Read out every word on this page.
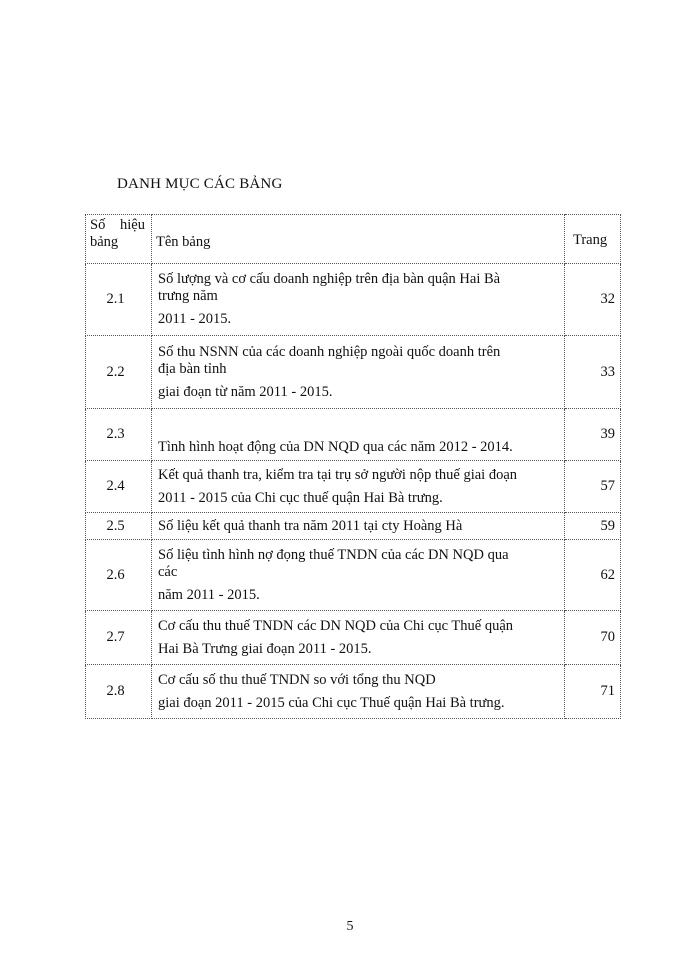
DANH MỤC CÁC BẢNG
Số hiệu
bảng	Tên bảng	Trang
2.1	Số lượng và cơ cấu doanh nghiệp trên địa bàn quận Hai Bà
trưng năm
2011 - 2015.	32
2.2	Số thu NSNN của các doanh nghiệp ngoài quốc doanh trên
địa bàn tỉnh
giai đoạn từ năm 2011 - 2015.	33
2.3	Tình hình hoạt động của DN NQD qua các năm 2012 - 2014.	39
2.4	Kết quả thanh tra, kiểm tra tại trụ sở người nộp thuế giai đoạn
2011 - 2015 của Chi cục thuế quận Hai Bà trưng.	57
2.5	Số liệu kết quả thanh tra năm 2011 tại cty Hoàng Hà	59
2.6	Số liệu tình hình nợ đọng thuế TNDN của các DN NQD qua
các
năm 2011 - 2015.	62
2.7	Cơ cấu thu thuế TNDN các DN NQD của Chi cục Thuế quận
Hai Bà Trưng giai đoạn 2011 - 2015.	70
2.8	Cơ cấu số thu thuế TNDN so với tổng thu NQD
giai đoạn 2011 - 2015 của Chi cục Thuế quận Hai Bà trưng.	71
5
